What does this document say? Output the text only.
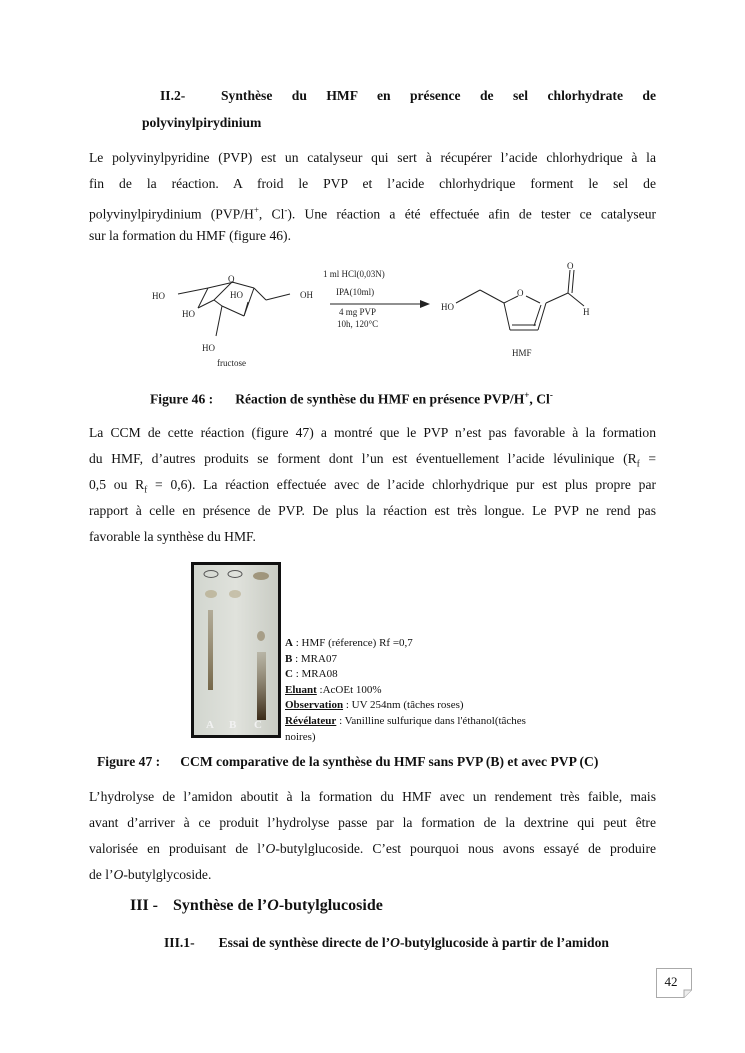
II.2-	Synthèse du HMF en présence de sel chlorhydrate de
polyvinylpirydinium
Le polyvinylpyridine (PVP) est un catalyseur qui sert à récupérer l’acide chlorhydrique à la
fin de la réaction. A froid le PVP et l’acide chlorhydrique forment le sel de
polyvinylpirydinium (PVP/H+, Cl-). Une réaction a été effectuée afin de tester ce catalyseur
sur la formation du HMF (figure 46).
HO
O
HO	OH
HO
HO
fructose
1 ml HCl(0,03N)
IPA(10ml)
4 mg PVP
10h, 120°C
HO
O
O
H
HMF
Figure 46 : Réaction de synthèse du HMF en présence PVP/H+, Cl-
La CCM de cette réaction (figure 47) a montré que le PVP n’est pas favorable à la formation
du HMF, d’autres produits se forment dont l’un est éventuellement l’acide lévulinique ($R_f$ =
0,5 ou $R_f = 0,6$). La réaction effectuée avec de l’acide chlorhydrique pur est plus propre par
rapport à celle en présence de PVP. De plus la réaction est très longue. Le PVP ne rend pas
favorable la synthèse du HMF.
A B C
A : HMF (réference) Rf =0,7
B : MRA07
C : MRA08
Eluant :AcOEt 100%
Observation : UV 254nm (tâches roses)
Révélateur : Vanilline sulfurique dans l'éthanol(tâches
noires)
Figure 47 : CCM comparative de la synthèse du HMF sans PVP (B) et avec PVP (C)
L’hydrolyse de l’amidon aboutit à la formation du HMF avec un rendement très faible, mais
avant d’arriver à ce produit l’hydrolyse passe par la formation de la dextrine qui peut être
valorisée en produisant de l’O-butylglucoside. C’est pourquoi nous avons essayé de produire
de l’O-butylglycoside.
III - Synthèse de l’O-butylglucoside
III.1- Essai de synthèse directe de l’O-butylglucoside à partir de l’amidon
42
